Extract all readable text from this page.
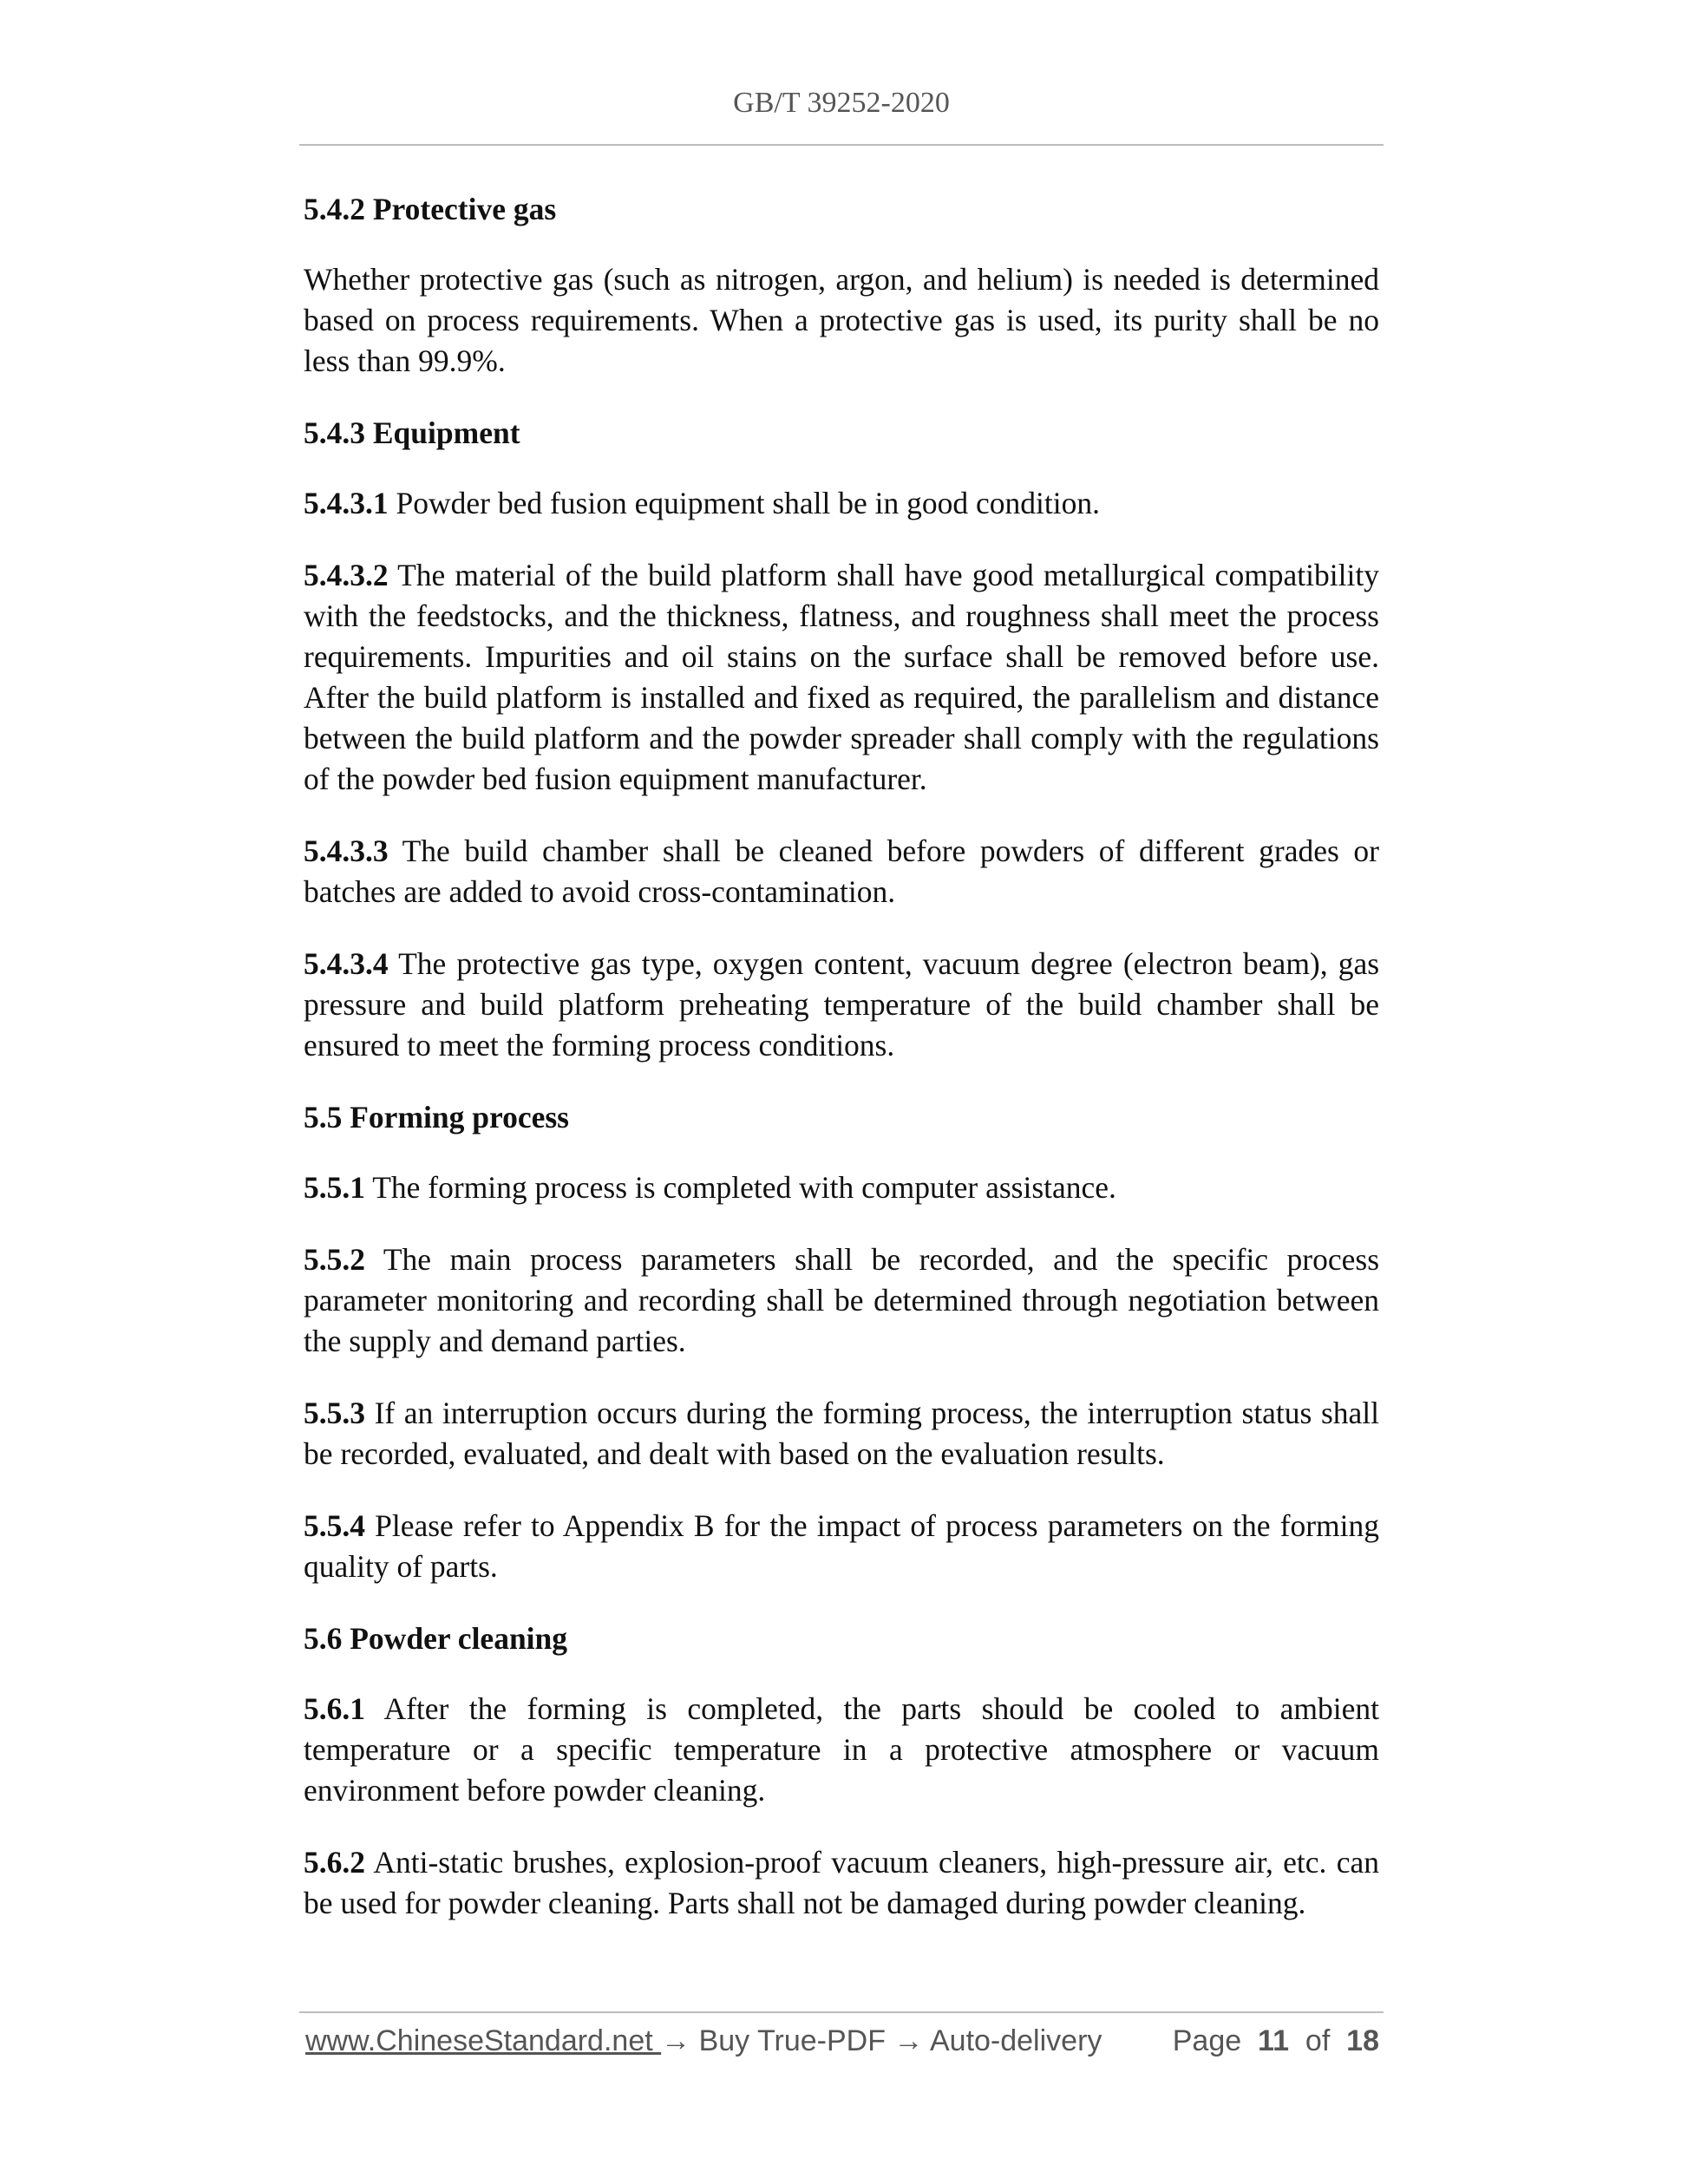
GB/T 39252-2020
5.4.2 Protective gas

Whether protective gas (such as nitrogen, argon, and helium) is needed is determined based on process requirements. When a protective gas is used, its purity shall be no less than 99.9%.

5.4.3 Equipment

5.4.3.1 Powder bed fusion equipment shall be in good condition.

5.4.3.2 The material of the build platform shall have good metallurgical compatibility with the feedstocks, and the thickness, flatness, and roughness shall meet the process requirements. Impurities and oil stains on the surface shall be removed before use. After the build platform is installed and fixed as required, the parallelism and distance between the build platform and the powder spreader shall comply with the regulations of the powder bed fusion equipment manufacturer.

5.4.3.3 The build chamber shall be cleaned before powders of different grades or batches are added to avoid cross-contamination.

5.4.3.4 The protective gas type, oxygen content, vacuum degree (electron beam), gas pressure and build platform preheating temperature of the build chamber shall be ensured to meet the forming process conditions.

5.5 Forming process

5.5.1 The forming process is completed with computer assistance.

5.5.2 The main process parameters shall be recorded, and the specific process parameter monitoring and recording shall be determined through negotiation between the supply and demand parties.

5.5.3 If an interruption occurs during the forming process, the interruption status shall be recorded, evaluated, and dealt with based on the evaluation results.

5.5.4 Please refer to Appendix B for the impact of process parameters on the forming quality of parts.

5.6 Powder cleaning

5.6.1 After the forming is completed, the parts should be cooled to ambient temperature or a specific temperature in a protective atmosphere or vacuum environment before powder cleaning.

5.6.2 Anti-static brushes, explosion-proof vacuum cleaners, high-pressure air, etc. can be used for powder cleaning. Parts shall not be damaged during powder cleaning.

www.ChineseStandard.net → Buy True-PDF → Auto-delivery Page 11 of 18
